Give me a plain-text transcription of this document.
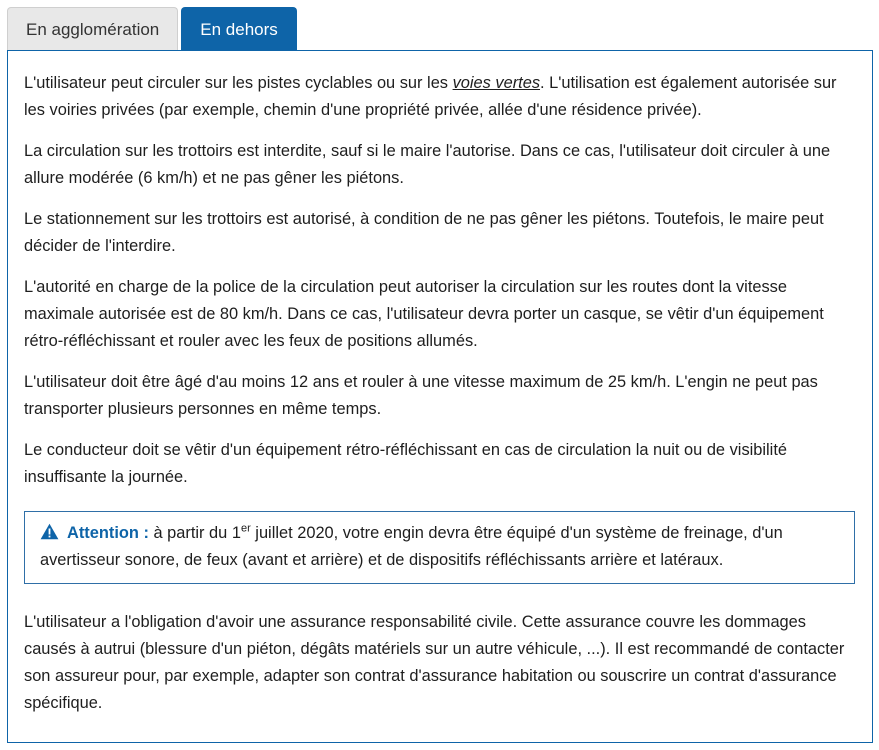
En agglomération En dehors

L'utilisateur peut circuler sur les pistes cyclables ou sur les voies vertes. L'utilisation est également autorisée sur les voiries privées (par exemple, chemin d'une propriété privée, allée d'une résidence privée).

La circulation sur les trottoirs est interdite, sauf si le maire l'autorise. Dans ce cas, l'utilisateur doit circuler à une allure modérée (6 km/h) et ne pas gêner les piétons.

Le stationnement sur les trottoirs est autorisé, à condition de ne pas gêner les piétons. Toutefois, le maire peut décider de l'interdire.

L'autorité en charge de la police de la circulation peut autoriser la circulation sur les routes dont la vitesse maximale autorisée est de 80 km/h. Dans ce cas, l'utilisateur devra porter un casque, se vêtir d'un équipement rétro-réfléchissant et rouler avec les feux de positions allumés.

L'utilisateur doit être âgé d'au moins 12 ans et rouler à une vitesse maximum de 25 km/h. L'engin ne peut pas transporter plusieurs personnes en même temps.

Le conducteur doit se vêtir d'un équipement rétro-réfléchissant en cas de circulation la nuit ou de visibilité insuffisante la journée.

Attention : à partir du 1er juillet 2020, votre engin devra être équipé d'un système de freinage, d'un avertisseur sonore, de feux (avant et arrière) et de dispositifs réfléchissants arrière et latéraux.

L'utilisateur a l'obligation d'avoir une assurance responsabilité civile. Cette assurance couvre les dommages causés à autrui (blessure d'un piéton, dégâts matériels sur un autre véhicule, ...). Il est recommandé de contacter son assureur pour, par exemple, adapter son contrat d'assurance habitation ou souscrire un contrat d'assurance spécifique.
